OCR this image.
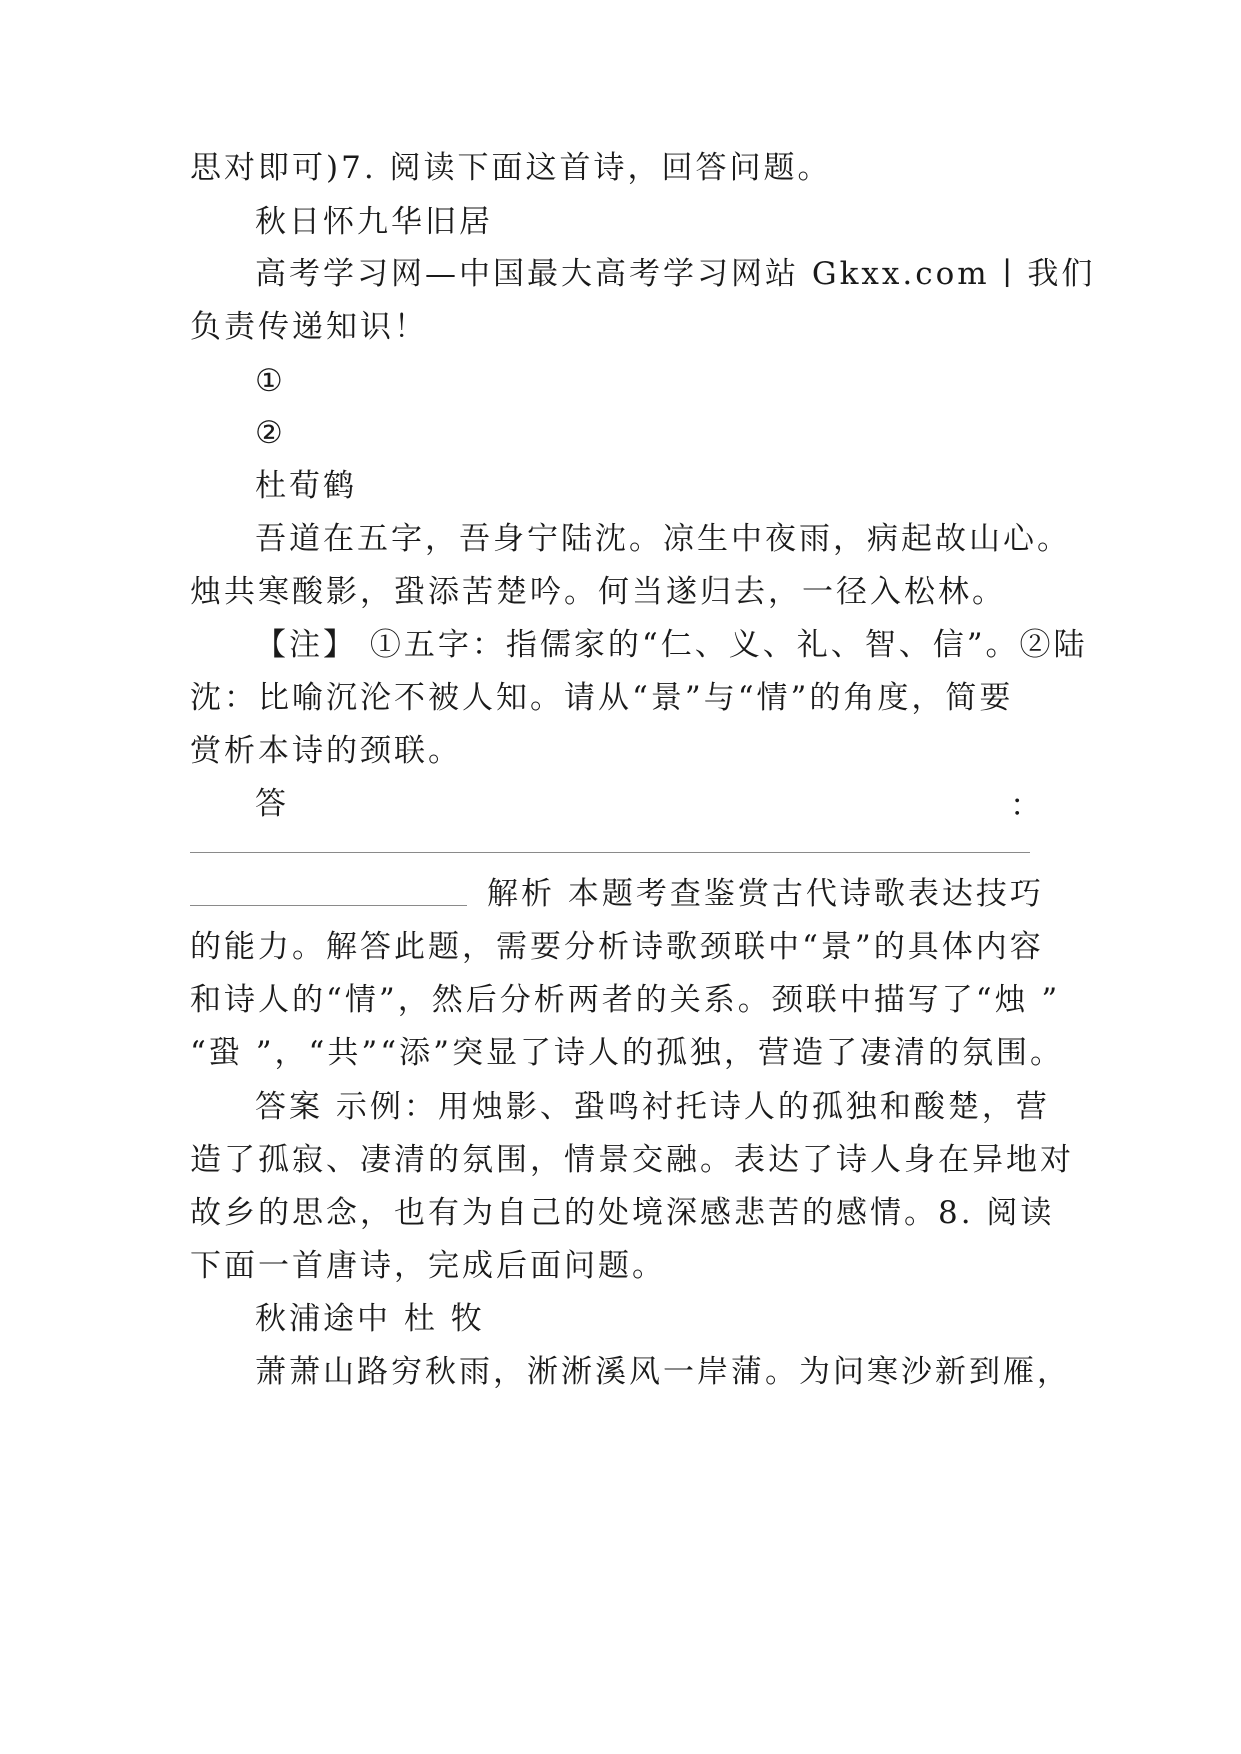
思对即可)7. 阅读下面这首诗，回答问题。
秋日怀九华旧居
高考学习网—中国最大高考学习网站 Gkxx.com ∣ 我们
负责传递知识！
①
②
杜荀鹤
吾道在五字，吾身宁陆沈。凉生中夜雨，病起故山心。
烛共寒酸影，蛩添苦楚吟。何当遂归去，一径入松林。
【注】 ①五字：指儒家的“仁、义、礼、智、信”。②陆
沈：比喻沉沦不被人知。请从“景”与“情”的角度，简要
赏析本诗的颈联。
答	：
解析 本题考查鉴赏古代诗歌表达技巧
的能力。解答此题，需要分析诗歌颈联中“景”的具体内容
和诗人的“情”，然后分析两者的关系。颈联中描写了“烛 ”
“蛩 ”，“共”“添”突显了诗人的孤独，营造了凄清的氛围。
答案 示例：用烛影、蛩鸣衬托诗人的孤独和酸楚，营
造了孤寂、凄清的氛围，情景交融。表达了诗人身在异地对
故乡的思念，也有为自己的处境深感悲苦的感情。8. 阅读
下面一首唐诗，完成后面问题。
秋浦途中 杜 牧
萧萧山路穷秋雨，淅淅溪风一岸蒲。为问寒沙新到雁，
